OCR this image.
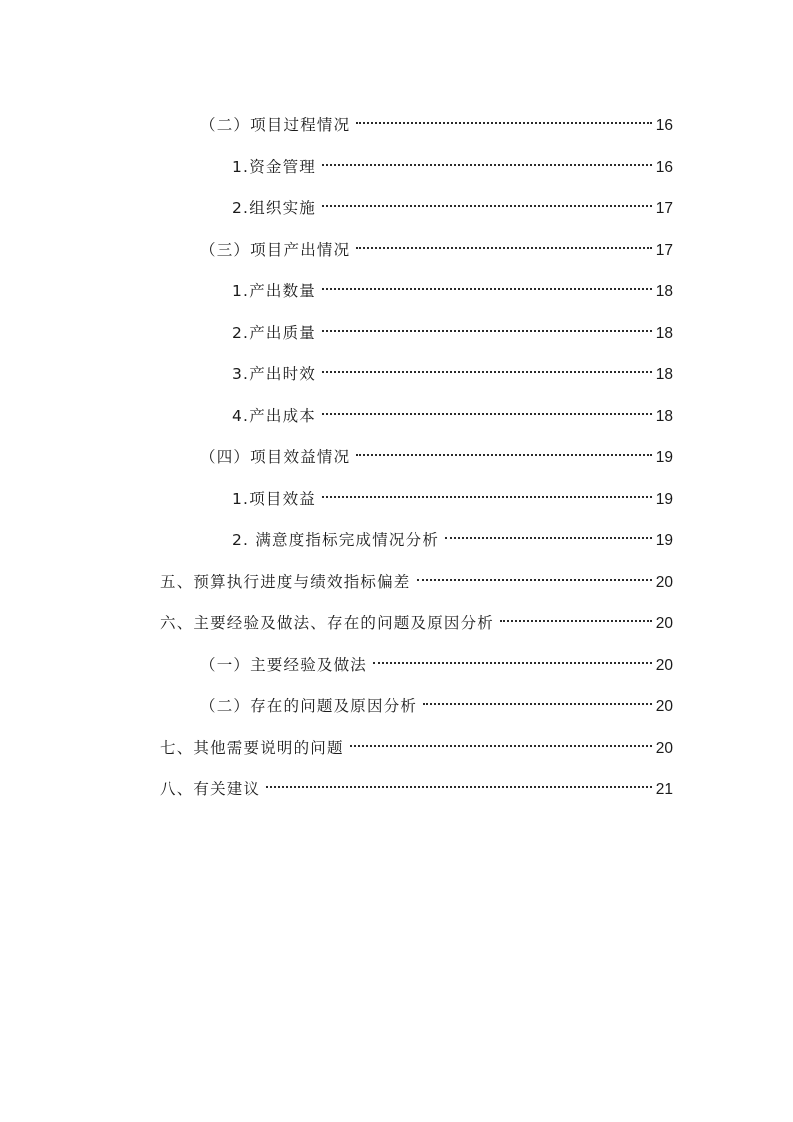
（二）项目过程情况	16
1.资金管理	16
2.组织实施	17
（三）项目产出情况	17
1.产出数量	18
2.产出质量	18
3.产出时效	18
4.产出成本	18
（四）项目效益情况	19
1.项目效益	19
2. 满意度指标完成情况分析	19
五、预算执行进度与绩效指标偏差	20
六、主要经验及做法、存在的问题及原因分析	20
（一）主要经验及做法	20
（二）存在的问题及原因分析	20
七、其他需要说明的问题	20
八、有关建议	21
